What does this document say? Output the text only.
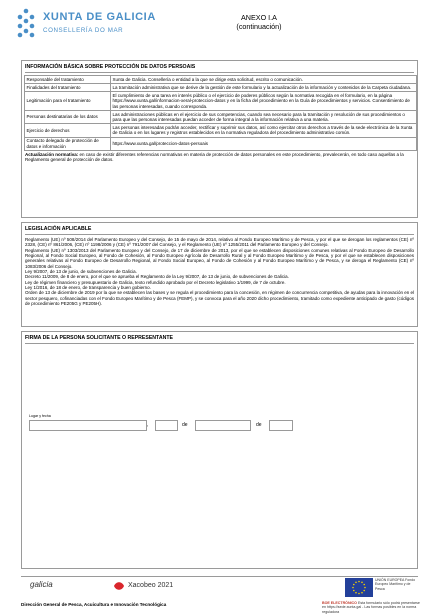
XUNTA DE GALICIA
CONSELLERÍA DO MAR
ANEXO I.A
(continuación)
INFORMACIÓN BÁSICA SOBRE PROTECCIÓN DE DATOS PERSOAIS
Responsable del tratamiento	Xunta de Galicia. Consellería o entidad a la que se dirige esta solicitud, escrito o comunicación.
Finalidades del tratamiento	La tramitación administrativa que se derive de la gestión de este formulario y la actualización de la información y contenidos de la Carpeta ciudadana.
Legitimación para el tratamiento	El cumplimiento de una tarea en interés público o el ejercicio de poderes públicos según la normativa recogida en el formulario, en la página https://www.xunta.gal/informacion-xeral-proteccion-datos y en la ficha del procedimiento en la Guía de procedimientos y servicios. Consentimiento de las personas interesadas, cuando corresponda.
Personas destinatarias de los datos	Las administraciones públicas en el ejercicio de sus competencias, cuando sea necesario para la tramitación y resolución de sus procedimientos o para que las personas interesadas puedan acceder de forma integral a la información relativa a una materia.
Ejercicio de derechos	Las personas interesadas podrán acceder, rectificar y suprimir sus datos, así como ejercitar otros derechos a través de la sede electrónica de la Xunta de Galicia o en los lugares y registros establecidos en la normativa reguladora del procedimiento administrativo común.
Contacto delegado de protección de datos e información	https://www.xunta.gal/proteccion-datos-persoais
Actualización normativa: en caso de existir diferentes referencias normativas en materia de protección de datos personales en este procedimiento, prevalecerán, en todo caso aquellas a la Reglamento general de protección de datos.
LEGISLACIÓN APLICABLE

Reglamento (UE) nº 508/2014 del Parlamento Europeo y del Consejo, de 15 de mayo de 2014, relativo al Fondo Europeo Marítimo y de Pesca, y por el que se derogan los reglamentos (CE) nº 2328, (CE) nº 861/2006, (CE) nº 1198/2006 y (CE) nº 791/2007 del Consejo, y el Reglamento (UE) nº 1255/2011 del Parlamento Europeo y del Consejo.

Reglamento (UE) nº 1303/2013 del Parlamento Europeo y del Consejo, de 17 de diciembre de 2013, por el que se establecen disposiciones comunes relativas al Fondo Europeo de Desarrollo Regional, al Fondo Social Europeo, al Fondo de Cohesión, al Fondo Europeo Agrícola de Desarrollo Rural y al Fondo Europeo Marítimo y de Pesca, y por el que se establecen disposiciones generales relativas al Fondo Europeo de Desarrollo Regional, al Fondo Social Europeo, al Fondo de Cohesión y al Fondo Europeo Marítimo y de Pesca, y se deroga el Reglamento (CE) nº 1083/2006 del Consejo.

Ley 9/2007, de 13 de junio, de subvenciones de Galicia.

Decreto 11/2009, de 8 de enero, por el que se aprueba el Reglamento de la Ley 9/2007, de 13 de junio, de subvenciones de Galicia.

Ley de régimen financiero y presupuestario de Galicia, texto refundido aprobado por el Decreto legislativo 1/1999, de 7 de octubre.

Ley 1/2016, de 18 de enero, de transparencia y buen gobierno.

Orden de 13 de diciembre de 2019 por la que se establecen las bases y se regula el procedimiento para la concesión, en régimen de concurrencia competitiva, de ayudas para la innovación en el sector pesquero, cofinanciadas con el Fondo Europeo Marítimo y de Pesca (FEMP), y se convoca para el año 2020 dicho procedimiento, tramitado como expediente anticipado de gasto (códigos de procedimiento PE205G y PE205H).

FIRMA DE LA PERSONA SOLICITANTE O REPRESENTANTE
Lugar y fecha
,	de	de
galicia	Xacobeo 2021
UNIÓN EUROPEA Fondo Europeo Marítimo y de Pesca
Dirección General de Pesca, Acuicultura e Innovación Tecnológica	BOE ELECTRÓNICO Esta formulario sólo podrá presentarse en https://sede.xunta.gal - Las formas posibles en la norma reguladora
